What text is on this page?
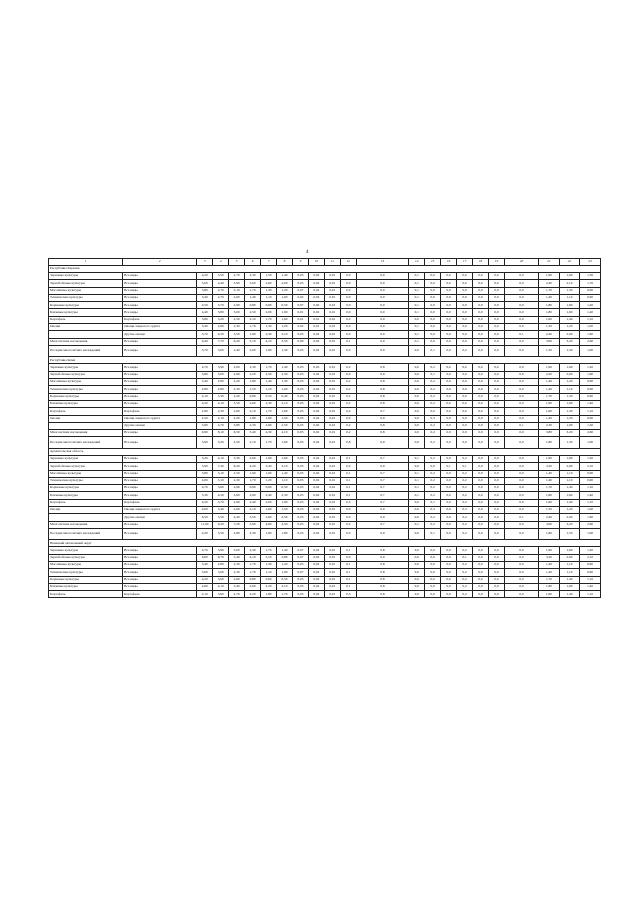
4
1	2	3	4	5	6	7	8	9	10	11	12	13	14	15	16	17	18	19	20	21	22	23
Республика Карелия																						
Зерновые культуры	Все виды	4,20	3,50	2,70	2,30	1,50	1,40	0,05	0,02	0,01	0,0	0,0	0,1	0,0	0,0	0,0	0,0	0,0	0,0	1,90	1,60	1,30
Зернобобовые культуры	Все виды	5,00	4,40	3,90	3,00	2,60	2,00	0,05	0,02	0,01	0,0	0,0	0,1	0,0	0,0	0,0	0,0	0,0	0,0	2,40	2,10	1,70
Масличные культуры	Все виды	3,80	2,70	2,10	1,70	1,30	1,20	0,07	0,02	0,01	0,0	0,0	0,1	0,0	0,0	0,0	0,0	0,0	0,0	1,70	1,30	0,90
Технические культуры	Все виды	3,40	2,70	2,00	1,40	1,10	1,00	0,02	0,02	0,01	0,0	0,0	0,1	0,0	0,0	0,0	0,0	0,0	0,0	1,40	1,10	0,90
Кормовые культуры	Все виды	4,50	3,70	2,90	0,80	0,60	0,50	0,07	0,02	0,01	0,0	0,0	0,1	0,0	0,0	0,0	0,0	0,0	0,0	1,80	1,60	1,20
Бахчевые культуры	Все виды	4,40	3,80	3,00	2,50	2,00	1,90	0,01	0,02	0,01	0,0	0,0	0,1	0,0	0,0	0,0	0,0	0,0	0,0	1,80	1,60	1,40
Картофель	Картофель	3,80	3,20	2,50	2,10	1,70	1,60	0,01	0,01	0,01	0,2	0,9	0,0	0,0	0,0	0,0	0,0	0,0	0,0	1,60	1,40	1,10
Овощи	Овощи закрытого грунта	3,40	2,90	2,30	1,70	1,30	1,20	0,02	0,01	0,01	0,0	0,0	0,1	0,0	0,0	0,0	0,0	0,0	0,0	1,50	1,20	1,00
	Другие овощи	3,70	4,50	3,50	1,90	2,30	2,10	0,05	0,02	0,01	0,0	0,0	0,1	0,0	0,0	0,0	0,0	0,0	0,1	2,40	2,00	1,60
Многолетние насаждения	Все виды	9,40	7,70	6,20	5,10	4,10	3,50	0,09	0,02	0,01	0,1	0,0	0,1	0,0	0,0	0,0	0,0	0,0	0,0	3,90	3,20	2,60
Посадки многолетних насаждений	Все виды	3,70	3,00	2,40	2,00	1,60	1,30	0,05	0,02	0,01	0,0	0,0	0,0	0,1	0,0	0,2	0,0	0,0	0,0	1,50	1,30	1,00
Республика Коми																						
Зерновые культуры	Все виды	4,70	3,90	2,00	2,30	1,70	1,40	0,05	0,03	0,01	0,2	0,8	0,0	0,2	0,0	0,0	0,0	0,0	0,0	1,90	1,60	1,20
Зернобобовые культуры	Все виды	5,80	5,00	2,90	2,20	2,50	2,30	0,05	0,02	0,01	0,0	0,9	0,0	0,1	0,0	0,0	0,0	0,0	0,0	2,20	2,00	1,60
Масличные культуры	Все виды	3,40	2,90	2,20	1,80	1,40	1,30	0,05	0,02	0,01	0,2	0,8	0,0	0,2	0,0	0,0	0,0	0,0	0,0	1,40	1,20	0,90
Технические культуры	Все виды	2,80	2,80	2,30	1,50	1,10	1,00	0,05	0,02	0,01	0,2	0,8	0,0	0,2	0,0	0,0	0,0	0,0	0,0	1,40	1,10	0,90
Кормовые культуры	Все виды	4,10	3,30	2,20	0,80	0,50	0,40	0,05	0,02	0,01	0,2	0,8	0,0	0,2	0,0	0,0	0,0	0,0	0,0	1,70	1,30	0,90
Бахчевые культуры	Все виды	4,50	4,10	3,50	2,60	2,30	2,10	0,05	0,02	0,01	0,2	0,8	0,0	0,2	0,0	0,0	0,0	0,0	0,0	1,90	1,60	1,40
Картофель	Картофель	2,90	2,30	2,60	2,10	1,70	1,60	0,05	0,02	0,01	0,4	0,7	0,0	0,0	0,0	0,0	0,0	0,0	0,0	1,60	1,30	1,10
Овощи	Овощи закрытого грунта	2,50	2,10	2,20	1,80	1,60	1,50	0,05	0,02	0,01	0,0	0,9	0,0	0,3	0,0	0,0	0,0	0,0	0,0	1,40	1,20	0,90
	Другие овощи	3,80	4,70	3,80	2,30	2,60	2,50	0,05	0,02	0,01	0,2	0,8	0,0	0,2	0,0	0,0	0,0	0,0	0,1	2,30	1,90	1,50
Многолетние насаждения	Все виды	9,90	8,10	6,50	5,40	4,30	4,10	0,05	0,02	0,01	0,2	0,8	0,0	0,2	0,0	0,0	0,0	0,0	0,0	3,80	3,20	2,60
Посадки многолетних насаждений	Все виды	3,90	3,20	2,50	2,10	1,70	1,60	0,03	0,02	0,01	0,8	0,9	0,0	0,2	0,0	0,0	0,0	0,0	0,0	1,80	1,30	1,00
Архангельская область																						
Зерновые культуры	Все виды	5,20	4,10	3,30	2,60	1,90	1,60	0,05	0,02	0,01	0,1	0,7	0,1	0,2	0,0	0,2	0,0	0,0	0,0	1,90	1,60	1,20
Зернобобовые культуры	Все виды	5,90	7,40	6,20	4,20	3,40	3,10	0,05	0,02	0,01	0,0	0,9	0,0	0,0	0,1	0,1	0,0	0,0	0,0	3,20	2,60	2,10
Масличные культуры	Все виды	3,80	3,10	2,50	1,90	1,60	1,40	0,05	0,02	0,01	0,1	0,7	0,1	0,2	0,0	0,2	0,0	0,0	0,0	1,40	1,10	0,90
Технические культуры	Все виды	4,00	3,10	2,30	1,70	1,20	1,10	0,05	0,02	0,01	0,1	0,7	0,1	0,2	0,0	0,2	0,0	0,0	0,0	1,40	1,10	0,90
Кормовые культуры	Все виды	4,70	3,60	2,90	0,90	0,60	0,50	0,05	0,02	0,01	0,1	0,7	0,1	0,2	0,0	0,2	0,0	0,0	0,0	1,70	1,40	1,10
Бахчевые культуры	Все виды	5,30	4,50	3,60	2,90	2,40	2,30	0,05	0,02	0,01	0,1	0,7	0,1	0,2	0,0	0,2	0,0	0,0	0,0	1,80	1,60	1,40
Картофель	Картофель	4,50	3,70	2,90	2,40	2,00	1,90	0,05	0,02	0,01	0,3	0,7	0,0	0,1	0,0	0,2	0,0	0,0	0,0	1,60	1,40	1,10
Овощи	Овощи закрытого грунта	4,00	3,40	2,60	2,10	1,60	1,50	0,05	0,02	0,01	0,0	0,9	0,0	0,3	0,0	0,3	0,0	0,0	0,0	1,50	1,20	1,00
	Другие овощи	6,50	5,50	4,40	3,50	2,60	2,50	0,05	0,02	0,01	0,0	0,9	0,0	0,2	0,0	0,2	0,0	0,0	0,1	2,40	2,00	1,60
Многолетние насаждения	Все виды	11,00	9,20	7,20	5,90	4,60	4,50	0,05	0,02	0,01	0,2	0,7	0,1	0,2	0,0	0,2	0,0	0,0	0,0	3,90	3,20	2,60
Посадки многолетних насаждений	Все виды	4,20	3,50	2,80	2,30	1,90	1,80	0,05	0,02	0,01	0,0	0,9	0,0	0,1	0,0	0,2	0,0	0,0	0,0	1,80	1,50	1,00
Ненецкий автономный округ																						
Зерновые культуры	Все виды	4,70	3,90	3,00	2,30	1,70	1,40	0,07	0,02	0,01	0,1	0,8	0,0	0,0	0,0	0,2	0,0	0,0	0,0	1,90	1,60	1,20
Зернобобовые культуры	Все виды	6,00	6,70	5,40	4,10	3,10	2,80	0,07	0,02	0,01	0,0	0,9	0,0	0,0	0,0	0,1	0,0	0,0	0,0	3,20	2,60	2,10
Масличные культуры	Все виды	3,40	2,80	2,30	1,70	1,30	1,20	0,05	0,02	0,01	0,1	0,8	0,0	0,0	0,0	0,2	0,0	0,0	0,0	1,40	1,10	0,90
Технические культуры	Все виды	3,60	3,00	2,30	1,70	1,10	1,00	0,07	0,02	0,01	0,1	0,8	0,0	0,0	0,0	0,2	0,0	0,0	0,0	1,40	1,10	0,90
Кормовые культуры	Все виды	4,20	3,60	2,60	0,80	0,60	0,50	0,05	0,02	0,01	0,1	0,8	0,0	0,0	0,0	0,2	0,0	0,0	0,0	1,70	1,40	1,10
Бахчевые культуры	Все виды	4,60	4,10	3,40	2,60	2,20	2,10	0,05	0,02	0,01	0,1	0,8	0,0	0,0	0,0	0,2	0,0	0,0	0,0	1,80	1,60	1,40
Картофель	Картофель	4,10	3,60	2,70	2,20	1,80	1,70	0,05	0,02	0,01	0,3	0,8	0,0	0,0	0,0	0,2	0,0	0,0	0,0	1,60	1,40	1,10
